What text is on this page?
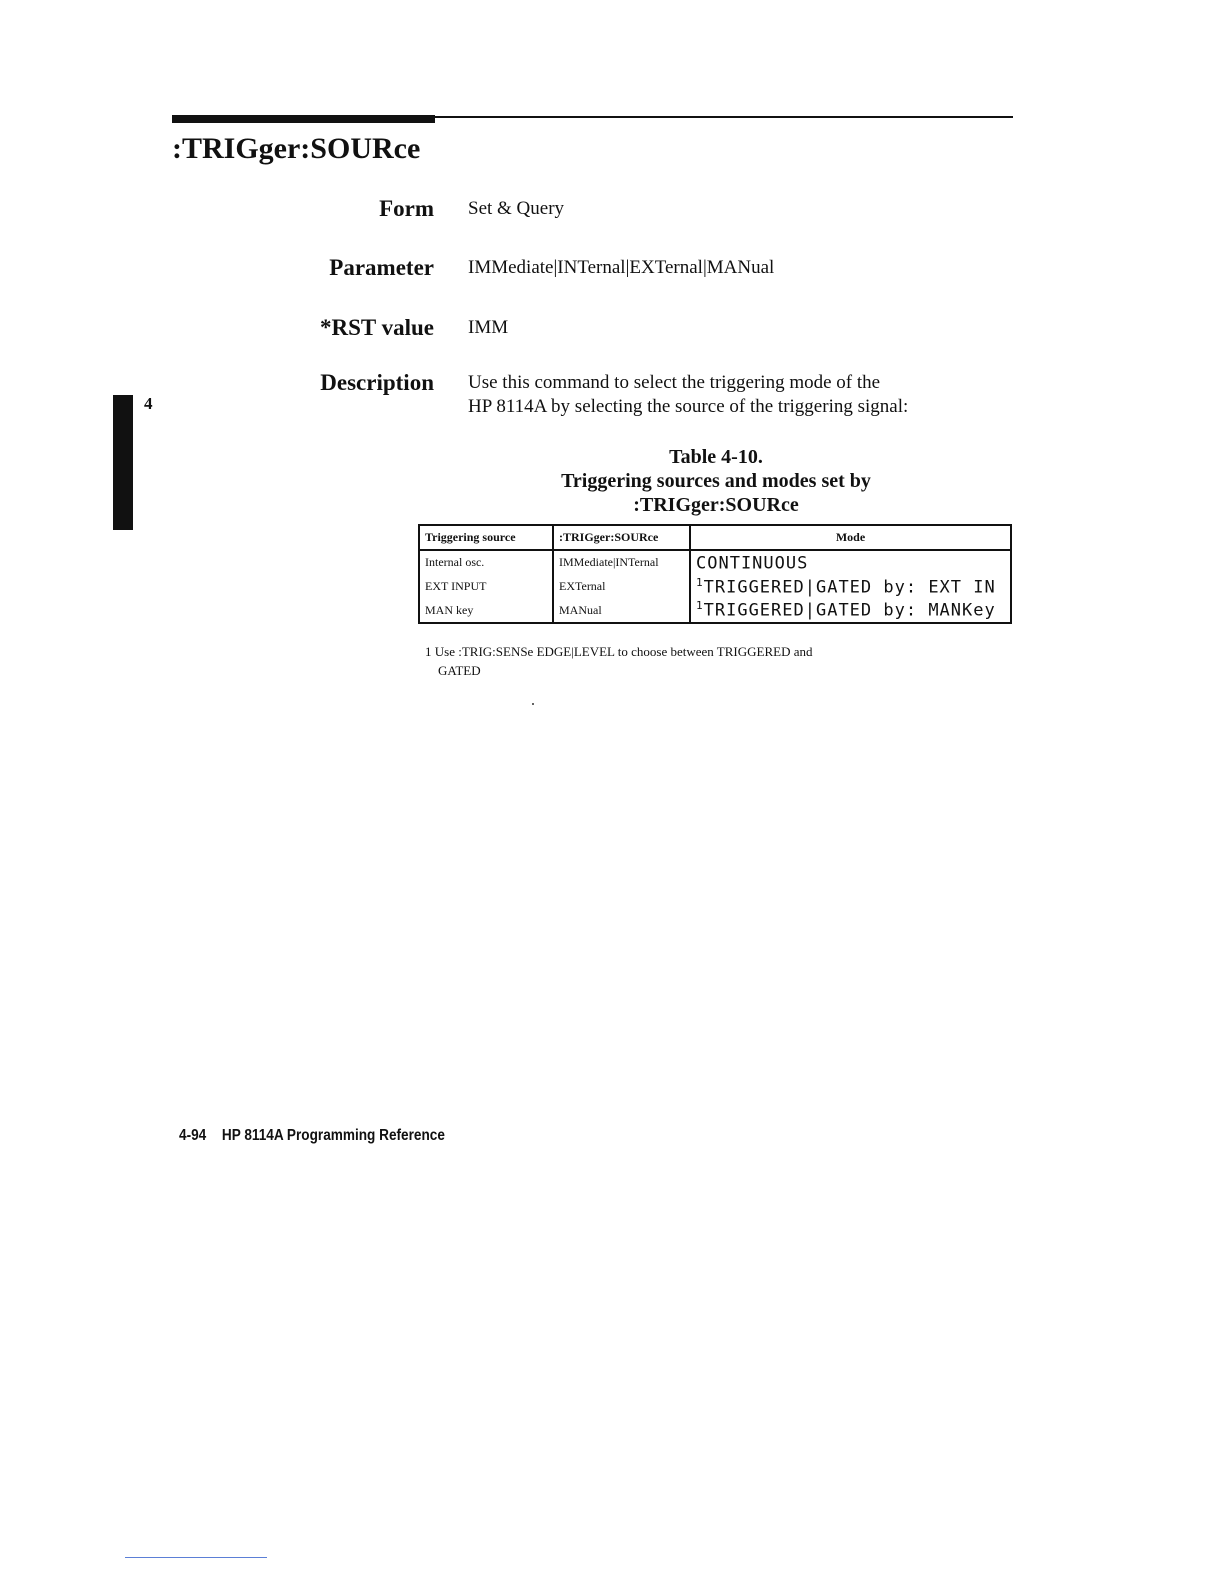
:TRIGger:SOURce
Form Set & Query
Parameter IMMediate|INTernal|EXTernal|MANual
*RST value IMM
Description Use this command to select the triggering mode of the
HP 8114A by selecting the source of the triggering signal:
4
Table 4-10.
Triggering sources and modes set by
:TRIGger:SOURce
Triggering source	:TRIGger:SOURce	Mode
Internal osc.	IMMediate|INTernal	CONTINUOUS
EXT INPUT	EXTernal	$^1$TRIGGERED|GATED by: EXT IN
MAN key	MANual	$^1$TRIGGERED|GATED by: MANKey
1 Use :TRIG:SENSe EDGE|LEVEL to choose between TRIGGERED and
GATED
4-94 HP 8114A Programming Reference
